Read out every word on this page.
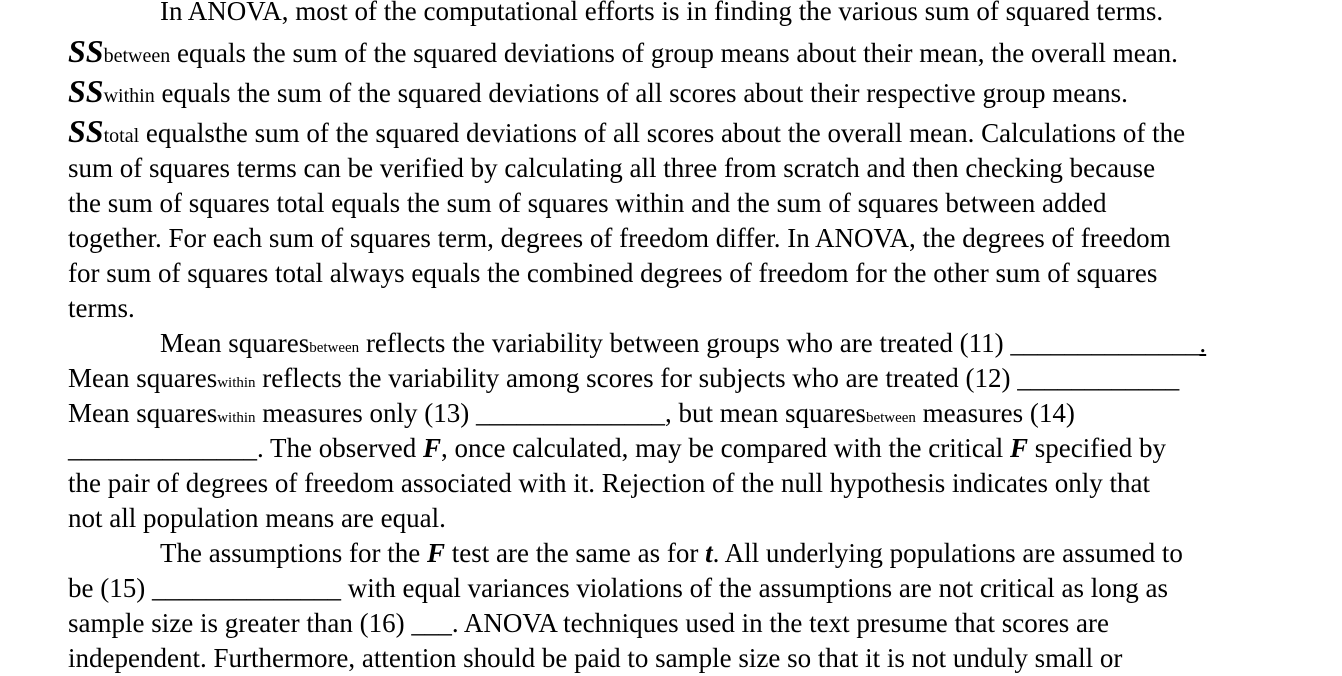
In ANOVA, most of the computational efforts is in finding the various sum of squared terms.
SSbetween equals the sum of the squared deviations of group means about their mean, the overall mean.
SSwithin equals the sum of the squared deviations of all scores about their respective group means.
SStotal equalsthe sum of the squared deviations of all scores about the overall mean. Calculations of the
sum of squares terms can be verified by calculating all three from scratch and then checking because
the sum of squares total equals the sum of squares within and the sum of squares between added
together. For each sum of squares term, degrees of freedom differ. In ANOVA, the degrees of freedom
for sum of squares total always equals the combined degrees of freedom for the other sum of squares
terms.
Mean squaresbetween reflects the variability between groups who are treated (11) ______________.
Mean squareswithin reflects the variability among scores for subjects who are treated (12) ____________
Mean squareswithin measures only (13) ______________, but mean squaresbetween measures (14)
______________. The observed F, once calculated, may be compared with the critical F specified by
the pair of degrees of freedom associated with it. Rejection of the null hypothesis indicates only that
not all population means are equal.
The assumptions for the F test are the same as for t. All underlying populations are assumed to
be (15) ______________ with equal variances violations of the assumptions are not critical as long as
sample size is greater than (16) ___. ANOVA techniques used in the text presume that scores are
independent. Furthermore, attention should be paid to sample size so that it is not unduly small or
